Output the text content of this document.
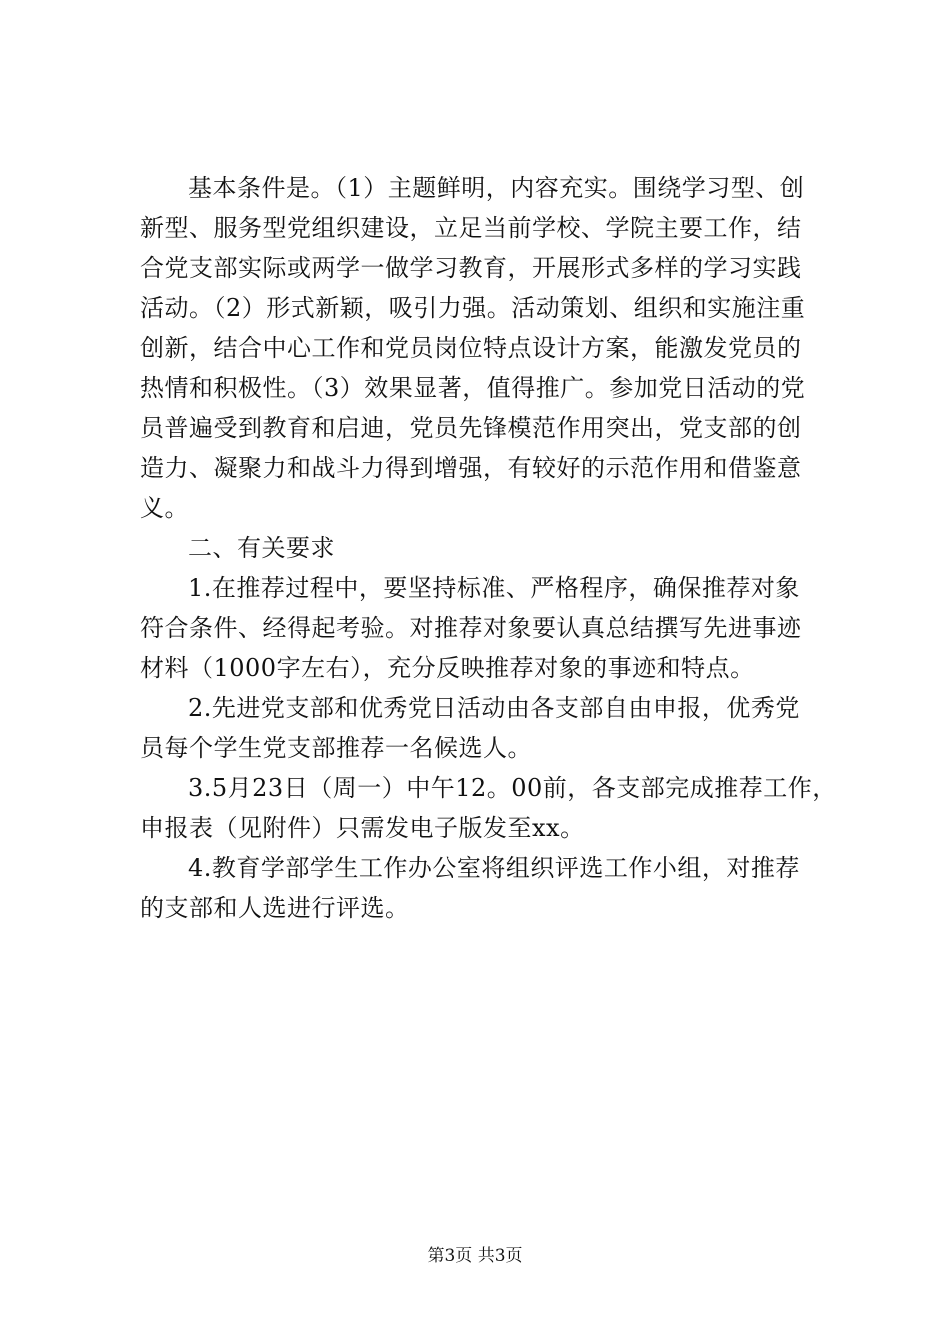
基本条件是。（1）主题鲜明，内容充实。围绕学习型、创
新型、服务型党组织建设，立足当前学校、学院主要工作，结
合党支部实际或两学一做学习教育，开展形式多样的学习实践
活动。（2）形式新颖，吸引力强。活动策划、组织和实施注重
创新，结合中心工作和党员岗位特点设计方案，能激发党员的
热情和积极性。（3）效果显著，值得推广。参加党日活动的党
员普遍受到教育和启迪，党员先锋模范作用突出，党支部的创
造力、凝聚力和战斗力得到增强，有较好的示范作用和借鉴意
义。
二、有关要求
1.在推荐过程中，要坚持标准、严格程序，确保推荐对象
符合条件、经得起考验。对推荐对象要认真总结撰写先进事迹
材料（1000字左右），充分反映推荐对象的事迹和特点。
2.先进党支部和优秀党日活动由各支部自由申报，优秀党
员每个学生党支部推荐一名候选人。
3.5月23日（周一）中午12。00前，各支部完成推荐工作，
申报表（见附件）只需发电子版发至xx。
4.教育学部学生工作办公室将组织评选工作小组，对推荐
的支部和人选进行评选。
第3页 共3页
